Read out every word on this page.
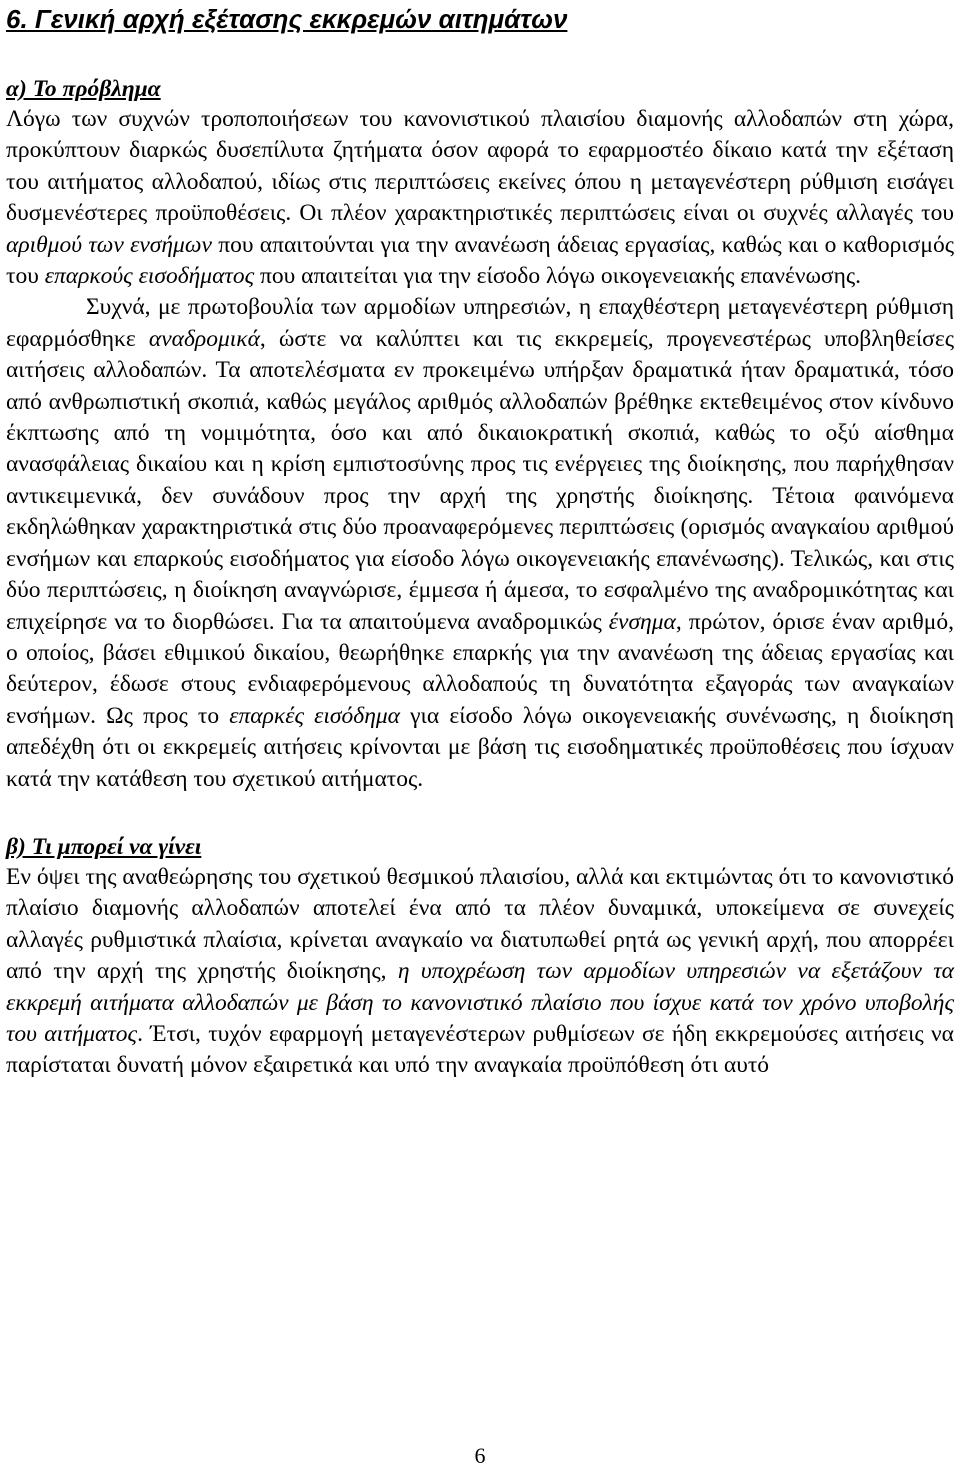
6. Γενική αρχή εξέτασης εκκρεμών αιτημάτων
α) Το πρόβλημα

Λόγω των συχνών τροποποιήσεων του κανονιστικού πλαισίου διαμονής αλλοδαπών στη χώρα, προκύπτουν διαρκώς δυσεπίλυτα ζητήματα όσον αφορά το εφαρμοστέο δίκαιο κατά την εξέταση του αιτήματος αλλοδαπού, ιδίως στις περιπτώσεις εκείνες όπου η μεταγενέστερη ρύθμιση εισάγει δυσμενέστερες προϋποθέσεις. Οι πλέον χαρακτηριστικές περιπτώσεις είναι οι συχνές αλλαγές του αριθμού των ενσήμων που απαιτούνται για την ανανέωση άδειας εργασίας, καθώς και ο καθορισμός του επαρκούς εισοδήματος που απαιτείται για την είσοδο λόγω οικογενειακής επανένωσης.

Συχνά, με πρωτοβουλία των αρμοδίων υπηρεσιών, η επαχθέστερη μεταγενέστερη ρύθμιση εφαρμόσθηκε αναδρομικά, ώστε να καλύπτει και τις εκκρεμείς, προγενεστέρως υποβληθείσες αιτήσεις αλλοδαπών. Τα αποτελέσματα εν προκειμένω υπήρξαν δραματικά ήταν δραματικά, τόσο από ανθρωπιστική σκοπιά, καθώς μεγάλος αριθμός αλλοδαπών βρέθηκε εκτεθειμένος στον κίνδυνο έκπτωσης από τη νομιμότητα, όσο και από δικαιοκρατική σκοπιά, καθώς το οξύ αίσθημα ανασφάλειας δικαίου και η κρίση εμπιστοσύνης προς τις ενέργειες της διοίκησης, που παρήχθησαν αντικειμενικά, δεν συνάδουν προς την αρχή της χρηστής διοίκησης. Τέτοια φαινόμενα εκδηλώθηκαν χαρακτηριστικά στις δύο προαναφερόμενες περιπτώσεις (ορισμός αναγκαίου αριθμού ενσήμων και επαρκούς εισοδήματος για είσοδο λόγω οικογενειακής επανένωσης). Τελικώς, και στις δύο περιπτώσεις, η διοίκηση αναγνώρισε, έμμεσα ή άμεσα, το εσφαλμένο της αναδρομικότητας και επιχείρησε να το διορθώσει. Για τα απαιτούμενα αναδρομικώς ένσημα, πρώτον, όρισε έναν αριθμό, ο οποίος, βάσει εθιμικού δικαίου, θεωρήθηκε επαρκής για την ανανέωση της άδειας εργασίας και δεύτερον, έδωσε στους ενδιαφερόμενους αλλοδαπούς τη δυνατότητα εξαγοράς των αναγκαίων ενσήμων. Ως προς το επαρκές εισόδημα για είσοδο λόγω οικογενειακής συνένωσης, η διοίκηση απεδέχθη ότι οι εκκρεμείς αιτήσεις κρίνονται με βάση τις εισοδηματικές προϋποθέσεις που ίσχυαν κατά την κατάθεση του σχετικού αιτήματος.

β) Τι μπορεί να γίνει

Εν όψει της αναθεώρησης του σχετικού θεσμικού πλαισίου, αλλά και εκτιμώντας ότι το κανονιστικό πλαίσιο διαμονής αλλοδαπών αποτελεί ένα από τα πλέον δυναμικά, υποκείμενα σε συνεχείς αλλαγές ρυθμιστικά πλαίσια, κρίνεται αναγκαίο να διατυπωθεί ρητά ως γενική αρχή, που απορρέει από την αρχή της χρηστής διοίκησης, η υποχρέωση των αρμοδίων υπηρεσιών να εξετάζουν τα εκκρεμή αιτήματα αλλοδαπών με βάση το κανονιστικό πλαίσιο που ίσχυε κατά τον χρόνο υποβολής του αιτήματος. Έτσι, τυχόν εφαρμογή μεταγενέστερων ρυθμίσεων σε ήδη εκκρεμούσες αιτήσεις να παρίσταται δυνατή μόνον εξαιρετικά και υπό την αναγκαία προϋπόθεση ότι αυτό

6
